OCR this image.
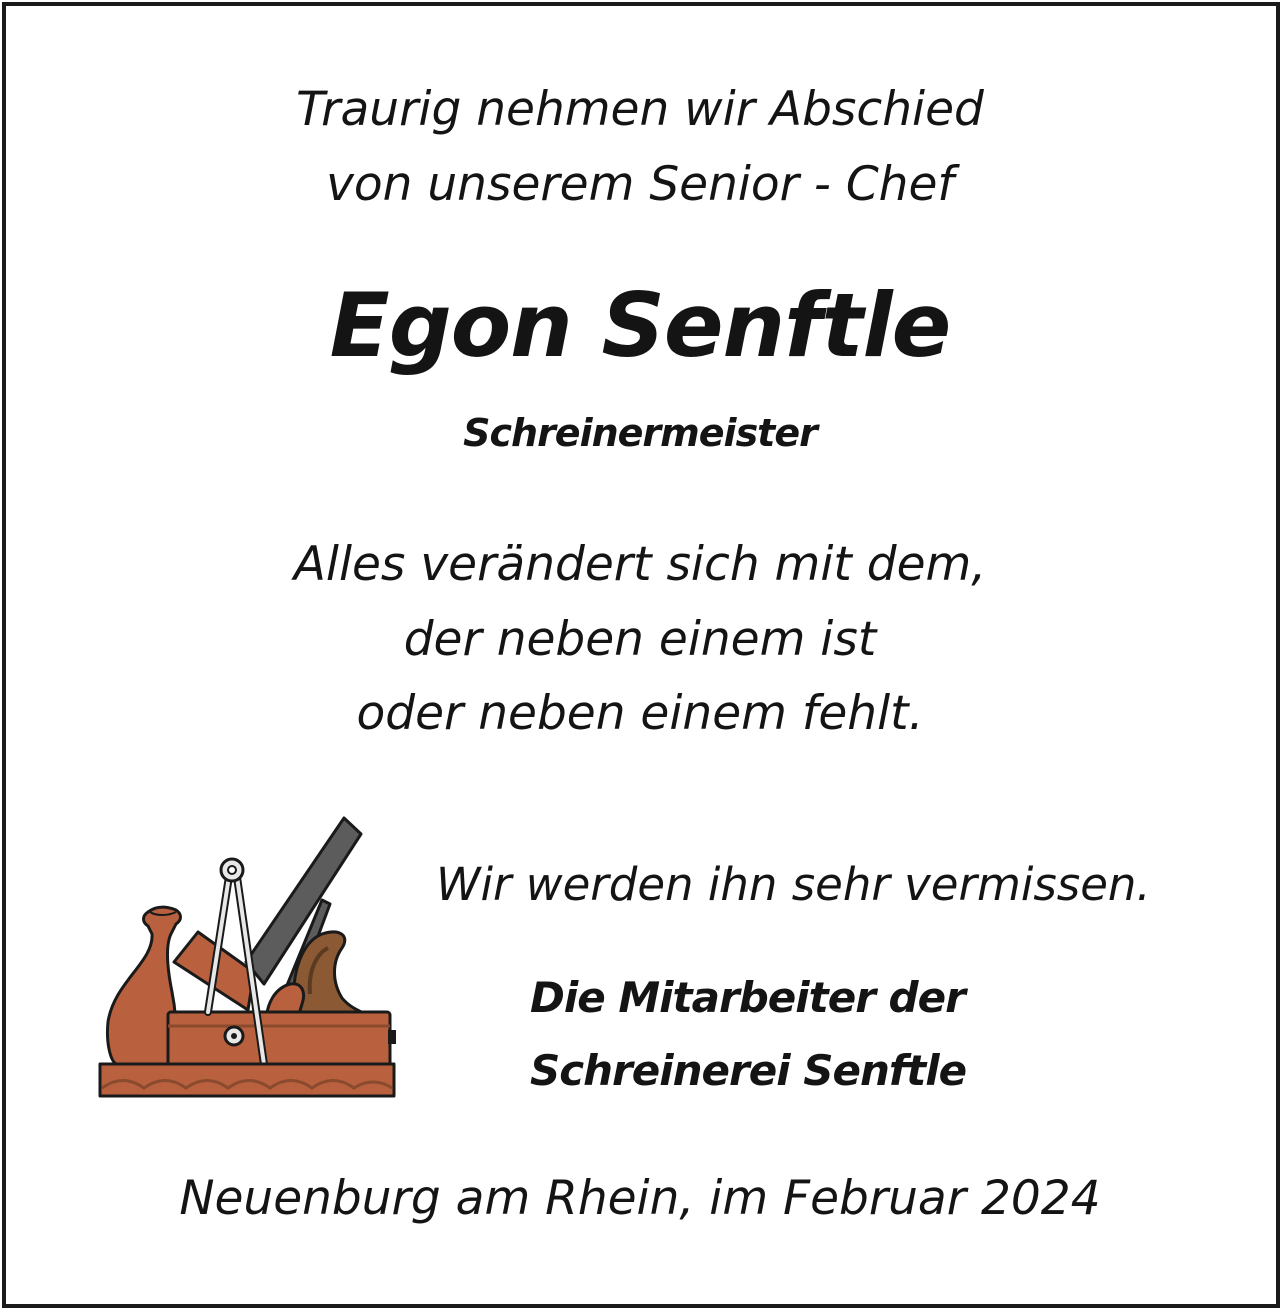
Traurig nehmen wir Abschied
von unserem Senior - Chef
Egon Senftle
Schreinermeister
Alles verändert sich mit dem,
der neben einem ist
oder neben einem fehlt.
Wir werden ihn sehr vermissen.
Die Mitarbeiter der
Schreinerei Senftle
Neuenburg am Rhein, im Februar 2024
